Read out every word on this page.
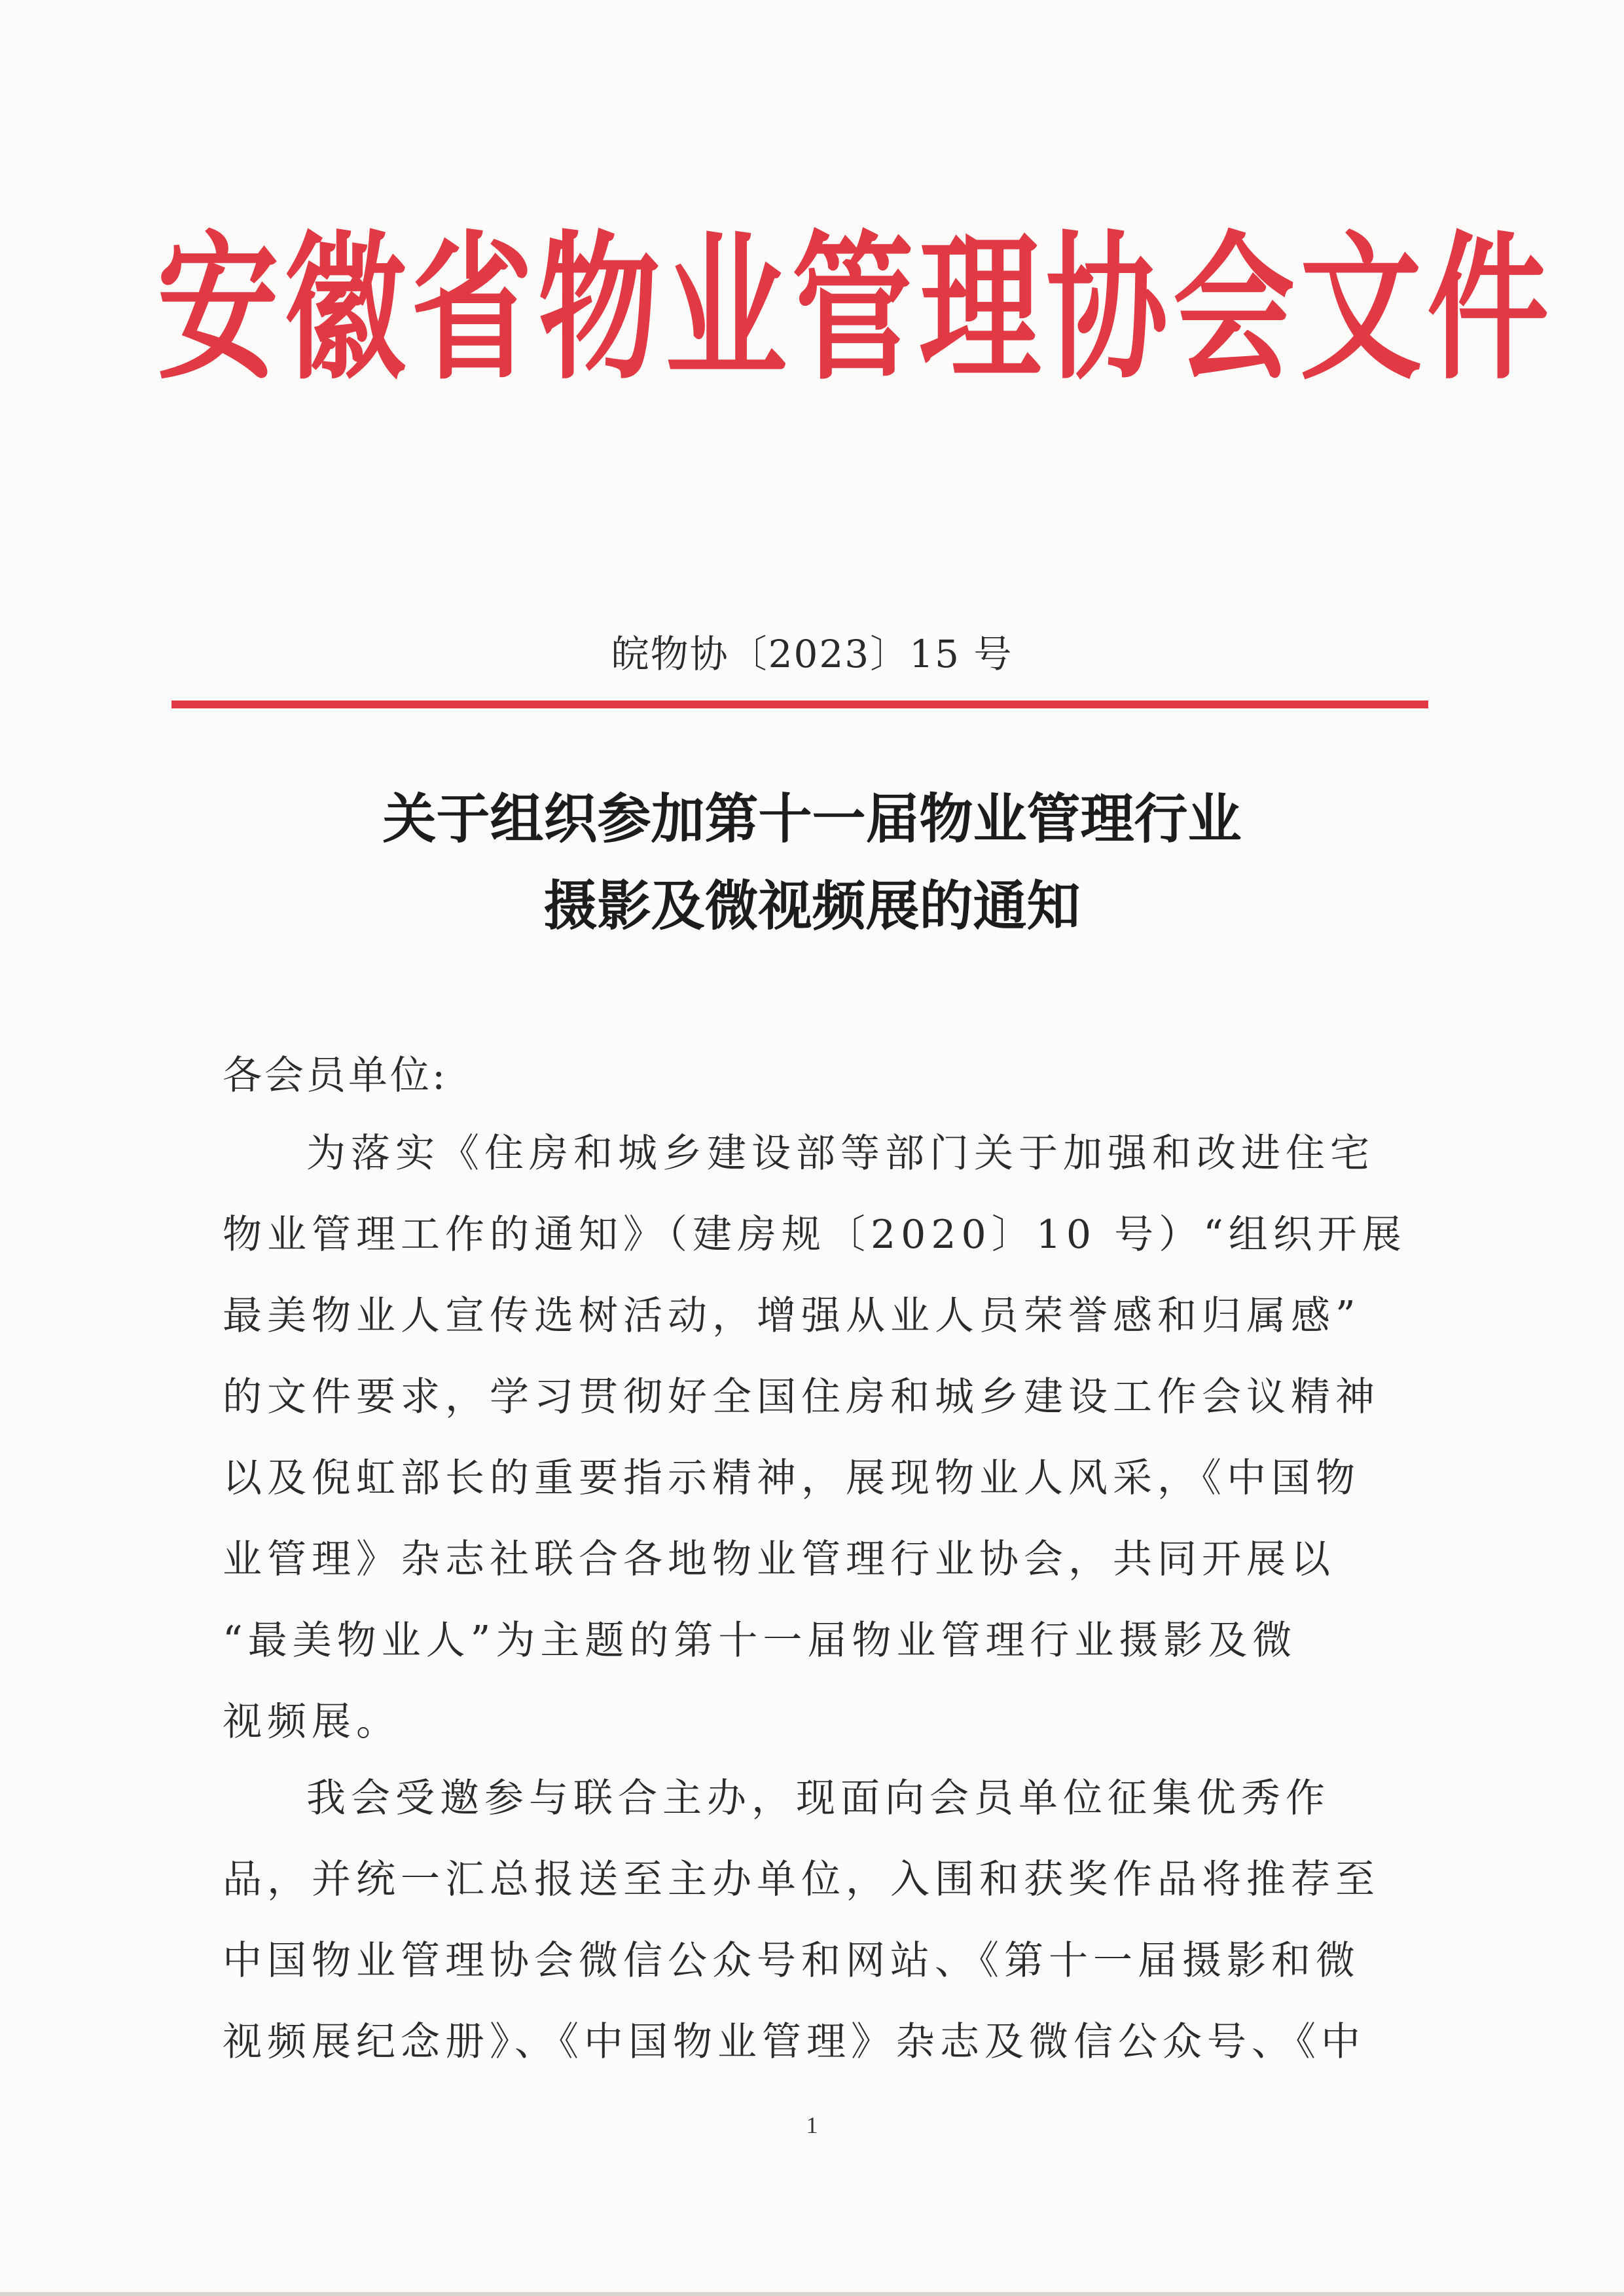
安徽省物业管理协会文件
皖物协〔2023〕15 号
关于组织参加第十一届物业管理行业
摄影及微视频展的通知
各会员单位:
为落实《住房和城乡建设部等部门关于加强和改进住宅
物业管理工作的通知》（建房规〔2020〕10 号）“组织开展
最美物业人宣传选树活动，增强从业人员荣誉感和归属感”
的文件要求，学习贯彻好全国住房和城乡建设工作会议精神
以及倪虹部长的重要指示精神，展现物业人风采，《中国物
业管理》杂志社联合各地物业管理行业协会，共同开展以
“最美物业人”为主题的第十一届物业管理行业摄影及微
视频展。
我会受邀参与联合主办，现面向会员单位征集优秀作
品，并统一汇总报送至主办单位，入围和获奖作品将推荐至
中国物业管理协会微信公众号和网站、《第十一届摄影和微
视频展纪念册》、《中国物业管理》杂志及微信公众号、《中
1
